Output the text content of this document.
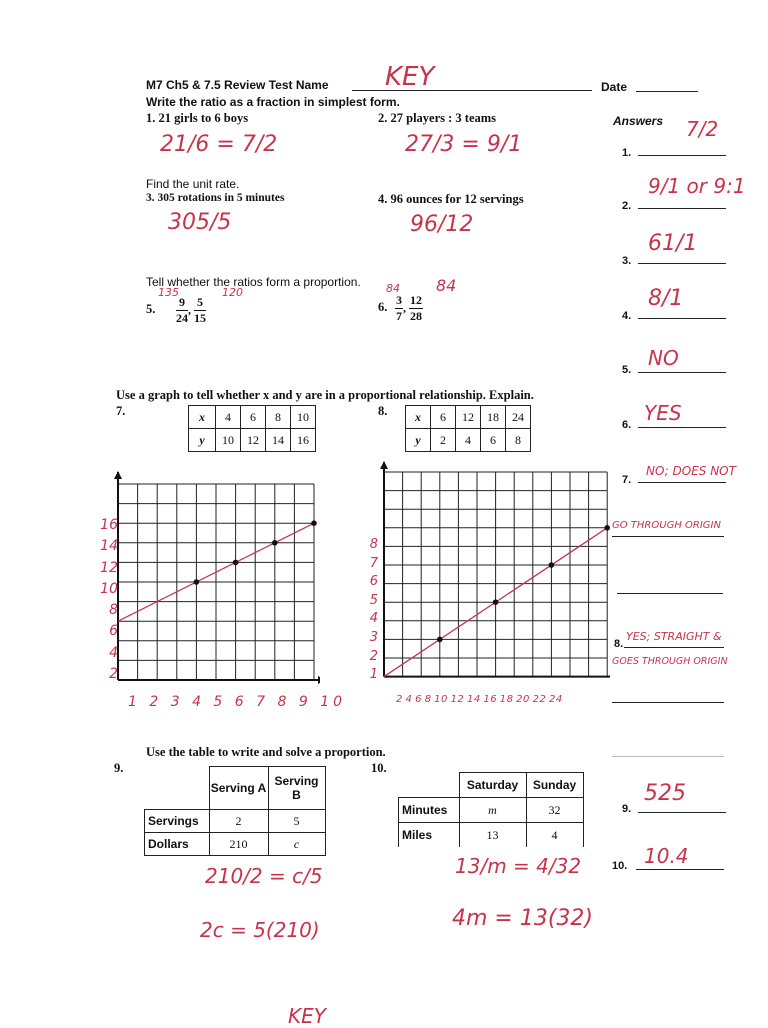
M7 Ch5 & 7.5 Review Test Name KEY	Date
Write the ratio as a fraction in simplest form.
1. 21 girls to 6 boys	2. 27 players : 3 teams
21/6 = 7/2	27/3 = 9/1
Find the unit rate.
3. 305 rotations in 5 minutes	4. 96 ounces for 12 servings
305/5	96/12
Tell whether the ratios form a proportion.
5. $\frac{9}{24}$ , $\frac{5}{15}$
135	120
6. $\frac{3}{7}$ , $\frac{12}{28}$
84 84
Answers
1.
7/2
2.
9/1 or 9:1
3.
61/1
4.
8/1
5. NO
6. YES
7.
NO; DOES NOT
GO THROUGH ORIGIN
8.
YES; STRAIGHT &
GOES THROUGH ORIGIN
9.
525
10. 10.4
Use a graph to tell whether x and y are in a proportional relationship. Explain.
7.	8.
x	4	6	8	10
y	10	12	14	16
x	6	12	18	24
y	2	4	6	8
16
14
12
10
8
6
4
2
1 2 3 4 5 6 7 8 9 10
8
7
6
5
4
3
2
1
2 4 6 8 10 12 14 16 18 20 22 24
Use the table to write and solve a proportion.
9.	10.
	Serving A	Serving B
Servings	2	5
Dollars	210	c
	Saturday	Sunday
Minutes	m	32
Miles	13	4
210/2 = c/5
2c = 5(210)
13/m = 4/32
4m = 13(32)
KEY
